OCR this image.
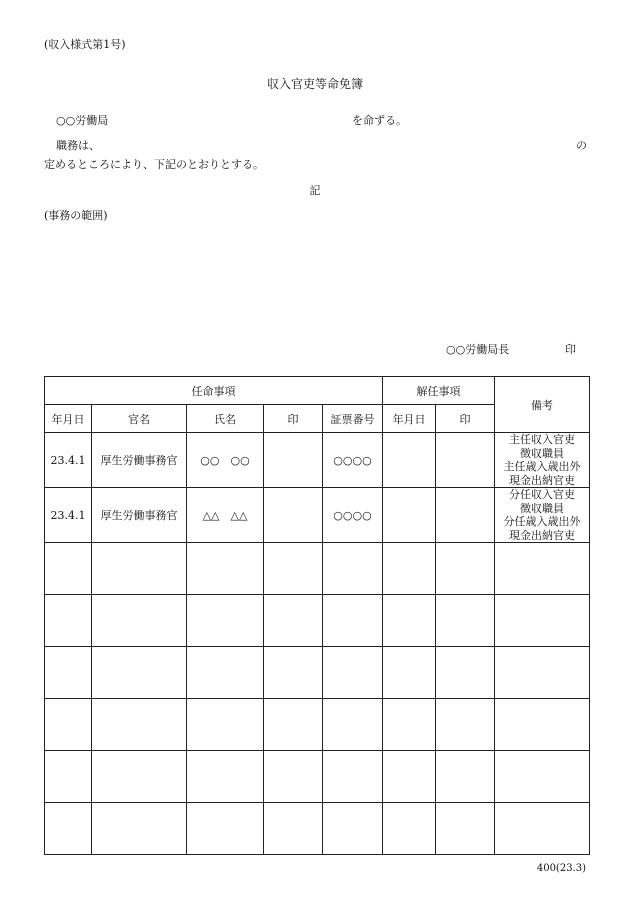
(収入様式第1号)
収入官吏等命免簿
○○労働局	を命ずる。
職務は、	の
定めるところにより、下記のとおりとする。
記
(事務の範囲)
○○労働局長	印
任命事項					解任事項		備考
年月日	官名	氏名	印	証票番号	年月日	印	
23.4.1	厚生労働事務官	○○　○○		○○○○			主任収入官吏
徴収職員
主任歳入歳出外
現金出納官吏

23.4.1	厚生労働事務官	△△　△△		○○○○			分任収入官吏
徴収職員
分任歳入歳出外
現金出納官吏

400(23.3)
